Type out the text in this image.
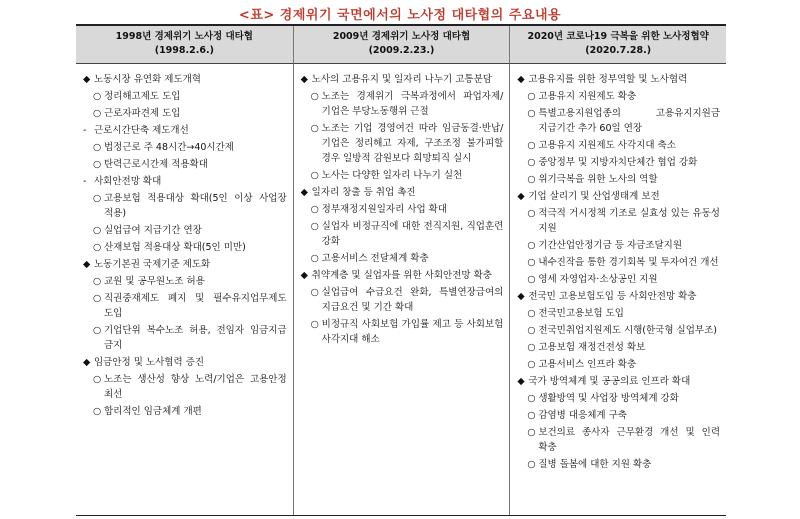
<표> 경제위기 국면에서의 노사정 대타협의 주요내용
1998년 경제위기 노사정 대타협
(1998.2.6.)
2009년 경제위기 노사정 대타협
(2009.2.23.)
2020년 코로나19 극복을 위한 노사정협약
(2020.7.28.)
◆ 노동시장 유연화 제도개혁
○ 정리해고제도 도입
○ 근로자파견제 도입
- 근로시간단축 제도개선
○ 법정근로 주 48시간→40시간제
○ 탄력근로시간제 적용확대
- 사회안전망 확대
○ 고용보험 적용대상 확대(5인 이상 사업장 적용)
○ 실업급여 지급기간 연장
○ 산재보험 적용대상 확대(5인 미만)
◆ 노동기본권 국제기준 제도화
○ 교원 및 공무원노조 허용
○ 직권중재제도 폐지 및 필수유지업무제도 도입
○ 기업단위 복수노조 허용, 전임자 임금지급 금지
◆ 임금안정 및 노사협력 증진
○ 노조는 생산성 향상 노력/기업은 고용안정 최선
○ 합리적인 임금체계 개편
◆ 노사의 고용유지 및 일자리 나누기 고통분담
○ 노조는 경제위기 극복과정에서 파업자제/기업은 부당노동행위 근절
○ 노조는 기업 경영여건 따라 임금동결·반납/기업은 정리해고 자제, 구조조정 불가피할 경우 일방적 감원보다 희망퇴직 실시
○ 노사는 다양한 일자리 나누기 실천
◆ 일자리 창출 등 취업 촉진
○ 정부재정지원일자리 사업 확대
○ 실업자 비정규직에 대한 전직지원, 직업훈련 강화
○ 고용서비스 전달체계 확충
◆ 취약계층 및 실업자를 위한 사회안전망 확충
○ 실업급여 수급요건 완화, 특별연장급여의 지급요건 및 기간 확대
○ 비정규직 사회보험 가입률 제고 등 사회보험 사각지대 해소
◆ 고용유지를 위한 정부역할 및 노사협력
○ 고용유지 지원제도 확충
○ 특별고용지원업종의 고용유지지원금 지급기간 추가 60일 연장
○ 고용유지 지원제도 사각지대 축소
○ 중앙정부 및 지방자치단체간 협업 강화
○ 위기극복을 위한 노사의 역할
◆ 기업 살리기 및 산업생태계 보전
○ 적극적 거시정책 기조로 실효성 있는 유동성 지원
○ 기간산업안정기금 등 자금조달지원
○ 내수진작을 통한 경기회복 및 투자여건 개선
○ 영세 자영업자·소상공인 지원
◆ 전국민 고용보험도입 등 사회안전망 확충
○ 전국민고용보험 도입
○ 전국민취업지원제도 시행(한국형 실업부조)
○ 고용보험 재정건전성 확보
○ 고용서비스 인프라 확충
◆ 국가 방역체계 및 공공의료 인프라 확대
○ 생활방역 및 사업장 방역체계 강화
○ 감염병 대응체계 구축
○ 보건의료 종사자 근무환경 개선 및 인력 확충
○ 질병 돌봄에 대한 지원 확충
